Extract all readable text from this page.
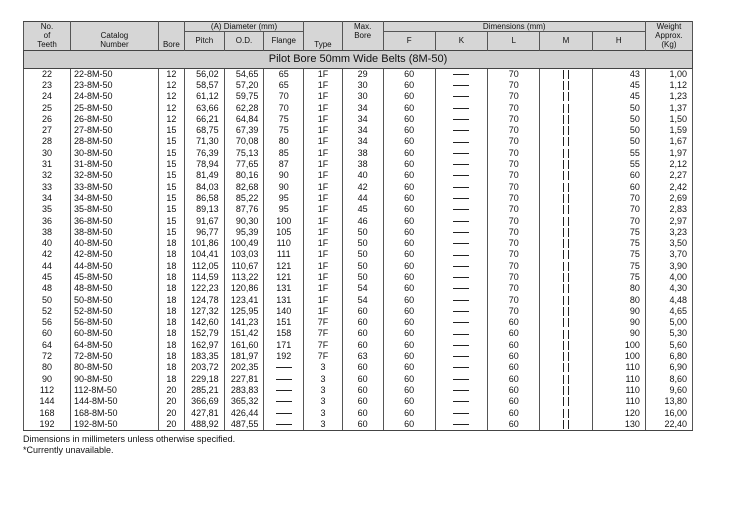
Pilot Bore 50mm Wide Belts (8M-50)													
No.			(A) Diameter (mm)				Max.	Dimensions (mm)					Weight
of	Catalog		Pitch	O.D.	Flange		Bore	F	K	L	M	H	Approx.
Teeth	Number	Bore				Type							(Kg)
22	22-8M-50	12	56,02	54,65	65	1F	29	60		70		43	1,00
23	23-8M-50	12	58,57	57,20	65	1F	30	60		70		45	1,12
24	24-8M-50	12	61,12	59,75	70	1F	30	60		70		45	1,23
25	25-8M-50	12	63,66	62,28	70	1F	34	60		70		50	1,37
26	26-8M-50	12	66,21	64,84	75	1F	34	60		70		50	1,50
27	27-8M-50	15	68,75	67,39	75	1F	34	60		70		50	1,59
28	28-8M-50	15	71,30	70,08	80	1F	34	60		70		50	1,67
30	30-8M-50	15	76,39	75,13	85	1F	38	60		70		55	1,97
31	31-8M-50	15	78,94	77,65	87	1F	38	60		70		55	2,12
32	32-8M-50	15	81,49	80,16	90	1F	40	60		70		60	2,27
33	33-8M-50	15	84,03	82,68	90	1F	42	60		70		60	2,42
34	34-8M-50	15	86,58	85,22	95	1F	44	60		70		70	2,69
35	35-8M-50	15	89,13	87,76	95	1F	45	60		70		70	2,83
36	36-8M-50	15	91,67	90,30	100	1F	46	60		70		70	2,97
38	38-8M-50	15	96,77	95,39	105	1F	50	60		70		75	3,23
40	40-8M-50	18	101,86	100,49	110	1F	50	60		70		75	3,50
42	42-8M-50	18	104,41	103,03	111	1F	50	60		70		75	3,70
44	44-8M-50	18	112,05	110,67	121	1F	50	60		70		75	3,90
45	45-8M-50	18	114,59	113,22	121	1F	50	60		70		75	4,00
48	48-8M-50	18	122,23	120,86	131	1F	54	60		70		80	4,30
50	50-8M-50	18	124,78	123,41	131	1F	54	60		70		80	4,48
52	52-8M-50	18	127,32	125,95	140	1F	60	60		70		90	4,65
56	56-8M-50	18	142,60	141,23	151	7F	60	60		60		90	5,00
60	60-8M-50	18	152,79	151,42	158	7F	60	60		60		90	5,30
64	64-8M-50	18	162,97	161,60	171	7F	60	60		60		100	5,60
72	72-8M-50	18	183,35	181,97	192	7F	63	60		60		100	6,80
80	80-8M-50	18	203,72	202,35		3	60	60		60		110	6,90
90	90-8M-50	18	229,18	227,81		3	60	60		60		110	8,60
112	112-8M-50	20	285,21	283,83		3	60	60		60		110	9,60
144	144-8M-50	20	366,69	365,32		3	60	60		60		110	13,80
168	168-8M-50	20	427,81	426,44		3	60	60		60		120	16,00
192	192-8M-50	20	488,92	487,55		3	60	60		60		130	22,40
Dimensions in millimeters unless otherwise specified.
*Currently unavailable.
